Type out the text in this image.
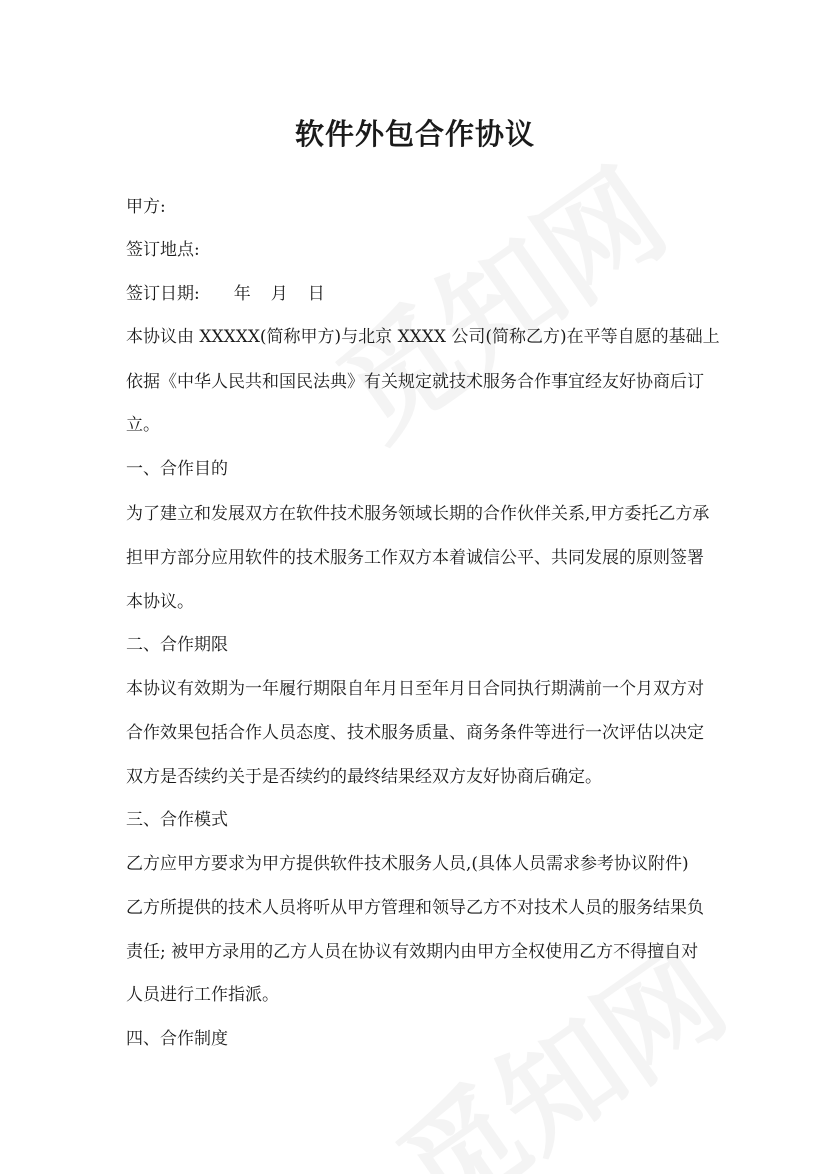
软件外包合作协议

甲方:

签订地点:

签订日期: 年 月 日

本协议由 XXXXX(简称甲方)与北京 XXXX 公司(简称乙方)在平等自愿的基础上

依据《中华人民共和国民法典》有关规定就技术服务合作事宜经友好协商后订

立。

一、合作目的

为了建立和发展双方在软件技术服务领域长期的合作伙伴关系,甲方委托乙方承

担甲方部分应用软件的技术服务工作双方本着诚信公平、共同发展的原则签署

本协议。

二、合作期限

本协议有效期为一年履行期限自年月日至年月日合同执行期满前一个月双方对

合作效果包括合作人员态度、技术服务质量、商务条件等进行一次评估以决定

双方是否续约关于是否续约的最终结果经双方友好协商后确定。

三、合作模式

乙方应甲方要求为甲方提供软件技术服务人员,(具体人员需求参考协议附件)

乙方所提供的技术人员将听从甲方管理和领导乙方不对技术人员的服务结果负

责任; 被甲方录用的乙方人员在协议有效期内由甲方全权使用乙方不得擅自对

人员进行工作指派。

四、合作制度
